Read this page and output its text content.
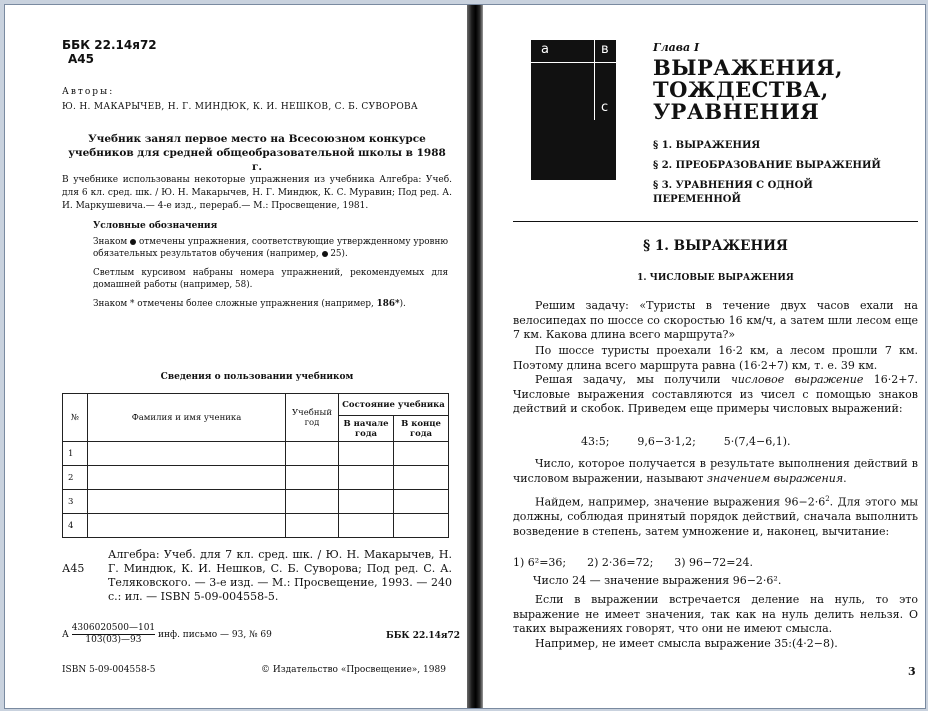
ББК 22.14я72
А45
Авторы:
Ю. Н. МАКАРЫЧЕВ, Н. Г. МИНДЮК, К. И. НЕШКОВ, С. Б. СУВОРОВА
Учебник занял первое место на Всесоюзном конкурсе учебников для средней общеобразовательной школы в 1988 г.
В учебнике использованы некоторые упражнения из учебника Алгебра: Учеб. для 6 кл. сред. шк. / Ю. Н. Макарычев, Н. Г. Миндюк, К. С. Муравин; Под ред. А. И. Маркушевича.— 4-е изд., перераб.— М.: Просвещение, 1981.
Условные обозначения
Знаком отмечены упражнения, соответствующие утвержденному уровню обязательных результатов обучения (например, 25).
Светлым курсивом набраны номера упражнений, рекомендуемых для домашней работы (например, 58).
Знаком * отмечены более сложные упражнения (например, 186*).
Сведения о пользовании учебником
№	Фамилия и имя ученика	Учебный год	Состояние учебника	
			В начале года	В конце года
1				
2				
3				
4				
А45
Алгебра: Учеб. для 7 кл. сред. шк. / Ю. Н. Макарычев, Н. Г. Миндюк, К. И. Нешков, С. Б. Суворова; Под ред. С. А. Теляковского. — 3-е изд. — М.: Просвещение, 1993. — 240 с.: ил. — ISBN 5-09-004558-5.
А $\frac{4306020500—101}{103(03)—93}$ инф. письмо — 93, № 69	ББК 22.14я72
ISBN 5-09-004558-5	© Издательство «Просвещение», 1989
a	в
c
Глава I
ВЫРАЖЕНИЯ,
ТОЖДЕСТВА,
УРАВНЕНИЯ
§ 1. ВЫРАЖЕНИЯ
§ 2. ПРЕОБРАЗОВАНИЕ ВЫРАЖЕНИЙ
§ 3. УРАВНЕНИЯ С ОДНОЙ ПЕРЕМЕННОЙ
§ 1. ВЫРАЖЕНИЯ
1. ЧИСЛОВЫЕ ВЫРАЖЕНИЯ
Решим задачу: «Туристы в течение двух часов ехали на велосипедах по шоссе со скоростью 16 км/ч, а затем шли лесом еще 7 км. Какова длина всего маршрута?»
По шоссе туристы проехали 16·2 км, а лесом прошли 7 км. Поэтому длина всего маршрута равна (16·2+7) км, т. е. 39 км.
Решая задачу, мы получили числовое выражение 16·2+7. Числовые выражения составляются из чисел с помощью знаков действий и скобок. Приведем еще примеры числовых выражений:
43:5;        9,6−3·1,2;        5·(7,4−6,1).
Число, которое получается в результате выполнения действий в числовом выражении, называют значением выражения.
Найдем, например, значение выражения $96-2\cdot 6^2$. Для этого мы должны, соблюдая принятый порядок действий, сначала выполнить возведение в степень, затем умножение и, наконец, вычитание:
1) 6²=36;      2) 2·36=72;      3) 96−72=24.
Число 24 — значение выражения 96−2·6².
Если в выражении встречается деление на нуль, то это выражение не имеет значения, так как на нуль делить нельзя. О таких выражениях говорят, что они не имеют смысла.
Например, не имеет смысла выражение 35:(4·2−8).
3
